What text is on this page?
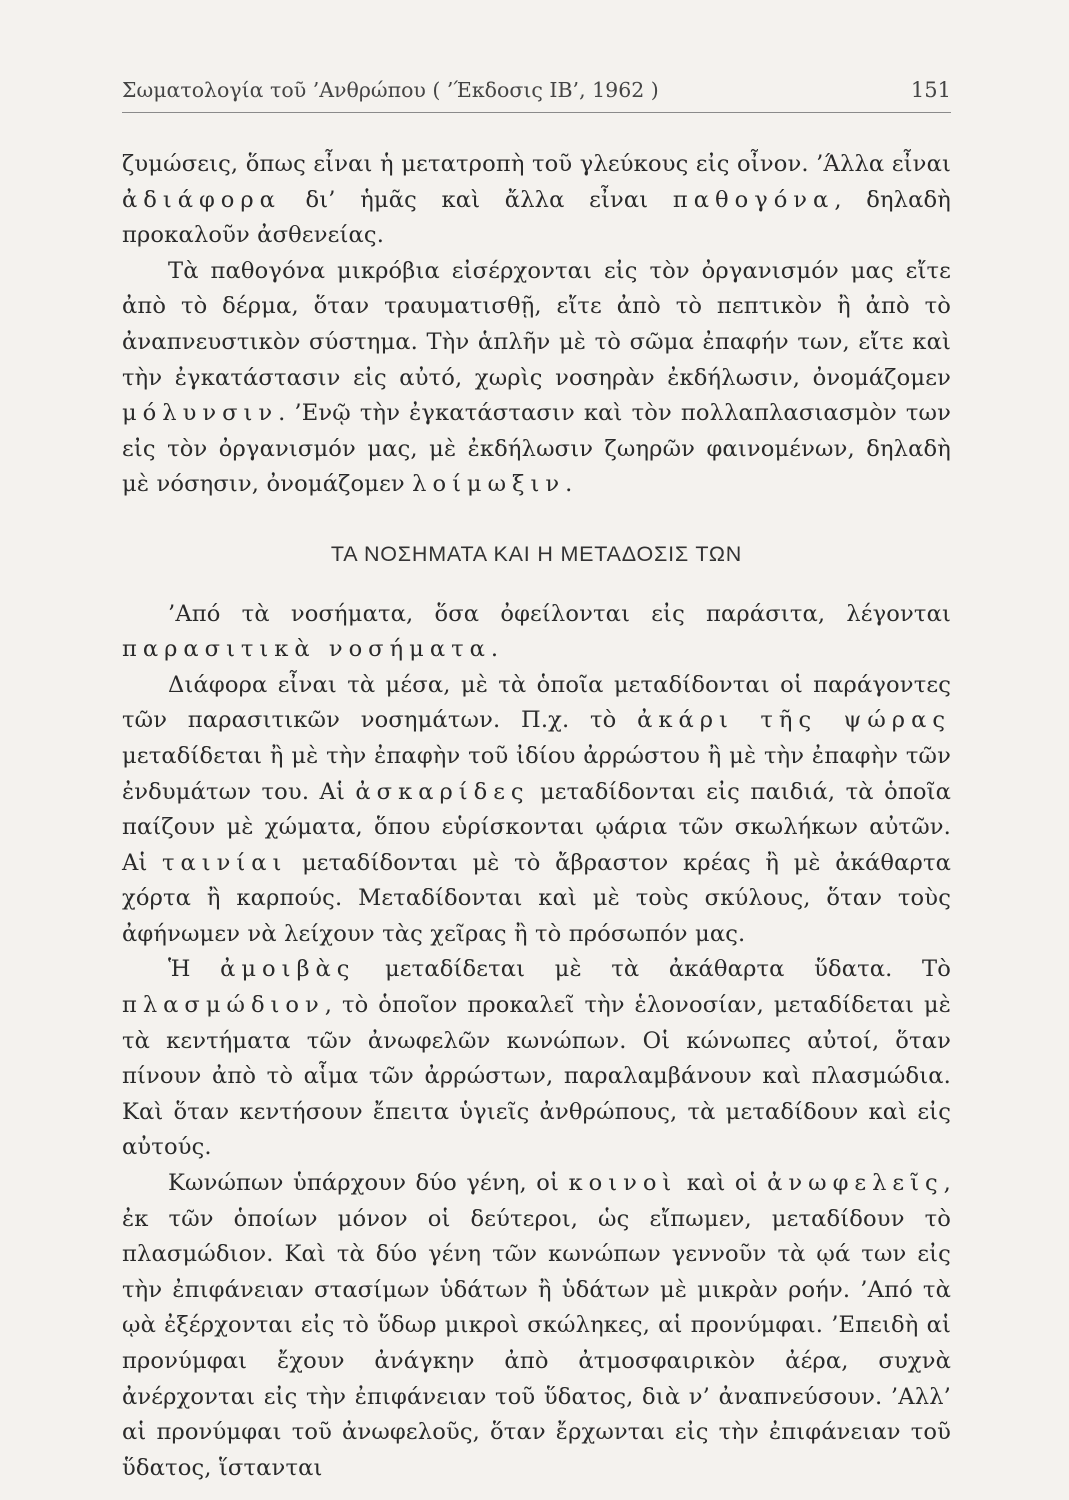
Σωματολογία τοῦ ’Ανθρώπου ( ’Έκδοσις ΙΒ’, 1962 )	151

ζυμώσεις, ὅπως εἶναι ἡ μετατροπὴ τοῦ γλεύκους εἰς οἶνον. ’Άλλα εἶναι ἀδιάφορα δι’ ἡμᾶς καὶ ἄλλα εἶναι παθογόνα, δηλαδὴ προκαλοῦν ἀσθενείας.

Τὰ παθογόνα μικρόβια εἰσέρχονται εἰς τὸν ὀργανισμόν μας εἴτε ἀπὸ τὸ δέρμα, ὅταν τραυματισθῇ, εἴτε ἀπὸ τὸ πεπτικὸν ἢ ἀπὸ τὸ ἀναπνευστικὸν σύστημα. Τὴν ἁπλῆν μὲ τὸ σῶμα ἐπαφήν των, εἴτε καὶ τὴν ἐγκατάστασιν εἰς αὐτό, χωρὶς νοσηρὰν ἐκδήλωσιν, ὀνομάζομεν μόλυνσιν. ’Ενῷ τὴν ἐγκατάστασιν καὶ τὸν πολλαπλασιασμὸν των εἰς τὸν ὀργανισμόν μας, μὲ ἐκδήλωσιν ζωηρῶν φαινομένων, δηλαδὴ μὲ νόσησιν, ὀνομάζομεν λοίμωξιν.

ΤΑ ΝΟΣΗΜΑΤΑ ΚΑΙ Η ΜΕΤΑΔΟΣΙΣ ΤΩΝ

’Από τὰ νοσήματα, ὅσα ὀφείλονται εἰς παράσιτα, λέγονται παρασιτικὰ νοσήματα.

Διάφορα εἶναι τὰ μέσα, μὲ τὰ ὁποῖα μεταδίδονται οἱ παράγοντες τῶν παρασιτικῶν νοσημάτων. Π.χ. τὸ ἀκάρι τῆς ψώρας μεταδίδεται ἢ μὲ τὴν ἐπαφὴν τοῦ ἰδίου ἀρρώστου ἢ μὲ τὴν ἐπαφὴν τῶν ἐνδυμάτων του. Αἱ ἀσκαρίδες μεταδίδονται εἰς παιδιά, τὰ ὁποῖα παίζουν μὲ χώματα, ὅπου εὑρίσκονται ῳάρια τῶν σκωλήκων αὐτῶν. Αἱ ταινίαι μεταδίδονται μὲ τὸ ἄβραστον κρέας ἢ μὲ ἀκάθαρτα χόρτα ἢ καρπούς. Μεταδίδονται καὶ μὲ τοὺς σκύλους, ὅταν τοὺς ἀφήνωμεν νὰ λείχουν τὰς χεῖρας ἢ τὸ πρόσωπόν μας.

Ἡ ἀμοιβὰς μεταδίδεται μὲ τὰ ἀκάθαρτα ὕδατα. Τὸ πλασμώδιον, τὸ ὁποῖον προκαλεῖ τὴν ἑλονοσίαν, μεταδίδεται μὲ τὰ κεντήματα τῶν ἀνωφελῶν κωνώπων. Οἱ κώνωπες αὐτοί, ὅταν πίνουν ἀπὸ τὸ αἷμα τῶν ἀρρώστων, παραλαμβάνουν καὶ πλασμώδια. Καὶ ὅταν κεντήσουν ἔπειτα ὑγιεῖς ἀνθρώπους, τὰ μεταδίδουν καὶ εἰς αὐτούς.

Κωνώπων ὑπάρχουν δύο γένη, οἱ κοινοὶ καὶ οἱ ἀνωφελεῖς, ἐκ τῶν ὁποίων μόνον οἱ δεύτεροι, ὡς εἴπωμεν, μεταδίδουν τὸ πλασμώδιον. Καὶ τὰ δύο γένη τῶν κωνώπων γεννοῦν τὰ ῳά των εἰς τὴν ἐπιφάνειαν στασίμων ὑδάτων ἢ ὑδάτων μὲ μικρὰν ροήν. ’Από τὰ ῳὰ ἐξέρχονται εἰς τὸ ὕδωρ μικροὶ σκώληκες, αἱ προνύμφαι. ’Επειδὴ αἱ προνύμφαι ἔχουν ἀνάγκην ἀπὸ ἀτμοσφαιρικὸν ἀέρα, συχνὰ ἀνέρχονται εἰς τὴν ἐπιφάνειαν τοῦ ὕδατος, διὰ ν’ ἀναπνεύσουν. ’Αλλ’ αἱ προνύμφαι τοῦ ἀνωφελοῦς, ὅταν ἔρχωνται εἰς τὴν ἐπιφάνειαν τοῦ ὕδατος, ἵστανται
